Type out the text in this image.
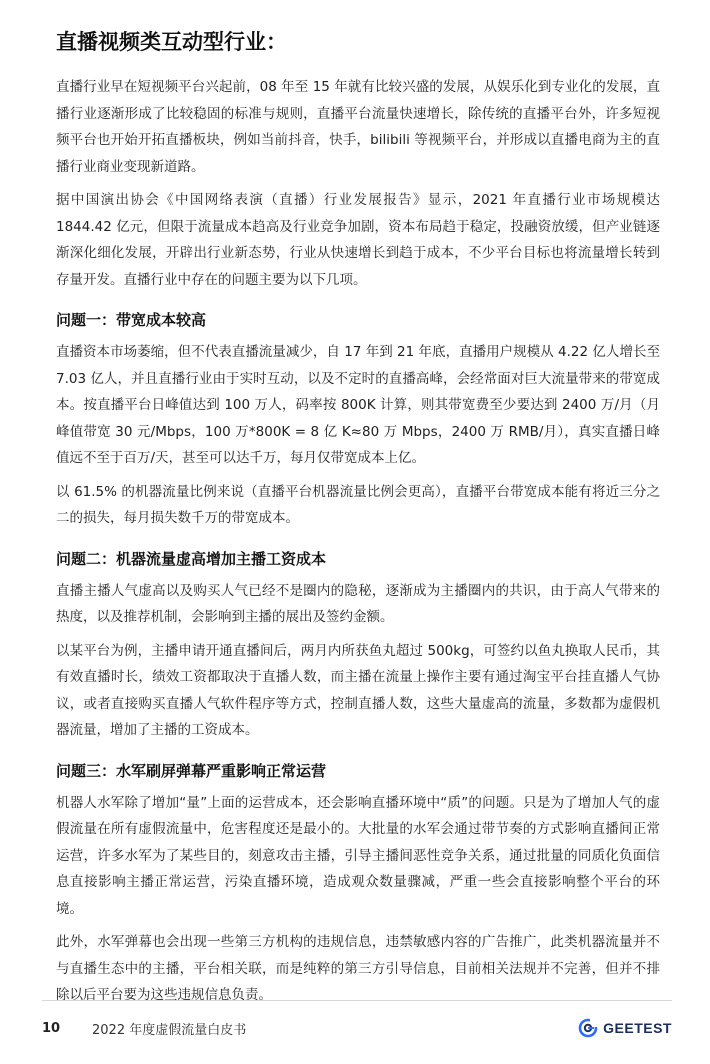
直播视频类互动型行业：

直播行业早在短视频平台兴起前，08 年至 15 年就有比较兴盛的发展，从娱乐化到专业化的发展，直播行业逐渐形成了比较稳固的标准与规则，直播平台流量快速增长，除传统的直播平台外，许多短视频平台也开始开拓直播板块，例如当前抖音，快手，bilibili 等视频平台，并形成以直播电商为主的直播行业商业变现新道路。

据中国演出协会《中国网络表演（直播）行业发展报告》显示，2021 年直播行业市场规模达 1844.42 亿元，但限于流量成本趋高及行业竞争加剧，资本布局趋于稳定，投融资放缓，但产业链逐渐深化细化发展，开辟出行业新态势，行业从快速增长到趋于成本，不少平台目标也将流量增长转到存量开发。直播行业中存在的问题主要为以下几项。

问题一：带宽成本较高

直播资本市场萎缩，但不代表直播流量减少，自 17 年到 21 年底，直播用户规模从 4.22 亿人增长至 7.03 亿人，并且直播行业由于实时互动，以及不定时的直播高峰，会经常面对巨大流量带来的带宽成本。按直播平台日峰值达到 100 万人，码率按 800K 计算，则其带宽费至少要达到 2400 万/月（月峰值带宽 30 元/Mbps，100 万*800K = 8 亿 K≈80 万 Mbps，2400 万 RMB/月），真实直播日峰值远不至于百万/天，甚至可以达千万，每月仅带宽成本上亿。

以 61.5% 的机器流量比例来说（直播平台机器流量比例会更高），直播平台带宽成本能有将近三分之二的损失，每月损失数千万的带宽成本。

问题二：机器流量虚高增加主播工资成本

直播主播人气虚高以及购买人气已经不是圈内的隐秘，逐渐成为主播圈内的共识，由于高人气带来的热度，以及推荐机制，会影响到主播的展出及签约金额。

以某平台为例，主播申请开通直播间后，两月内所获鱼丸超过 500kg，可签约以鱼丸换取人民币，其有效直播时长，绩效工资都取决于直播人数，而主播在流量上操作主要有通过淘宝平台挂直播人气协议，或者直接购买直播人气软件程序等方式，控制直播人数，这些大量虚高的流量，多数都为虚假机器流量，增加了主播的工资成本。

问题三：水军刷屏弹幕严重影响正常运营

机器人水军除了增加“量”上面的运营成本，还会影响直播环境中“质”的问题。只是为了增加人气的虚假流量在所有虚假流量中，危害程度还是最小的。大批量的水军会通过带节奏的方式影响直播间正常运营，许多水军为了某些目的，刻意攻击主播，引导主播间恶性竞争关系，通过批量的同质化负面信息直接影响主播正常运营，污染直播环境，造成观众数量骤减，严重一些会直接影响整个平台的环境。

此外，水军弹幕也会出现一些第三方机构的违规信息，违禁敏感内容的广告推广，此类机器流量并不与直播生态中的主播，平台相关联，而是纯粹的第三方引导信息，目前相关法规并不完善，但并不排除以后平台要为这些违规信息负责。

10	2022 年度虚假流量白皮书	GEETEST
